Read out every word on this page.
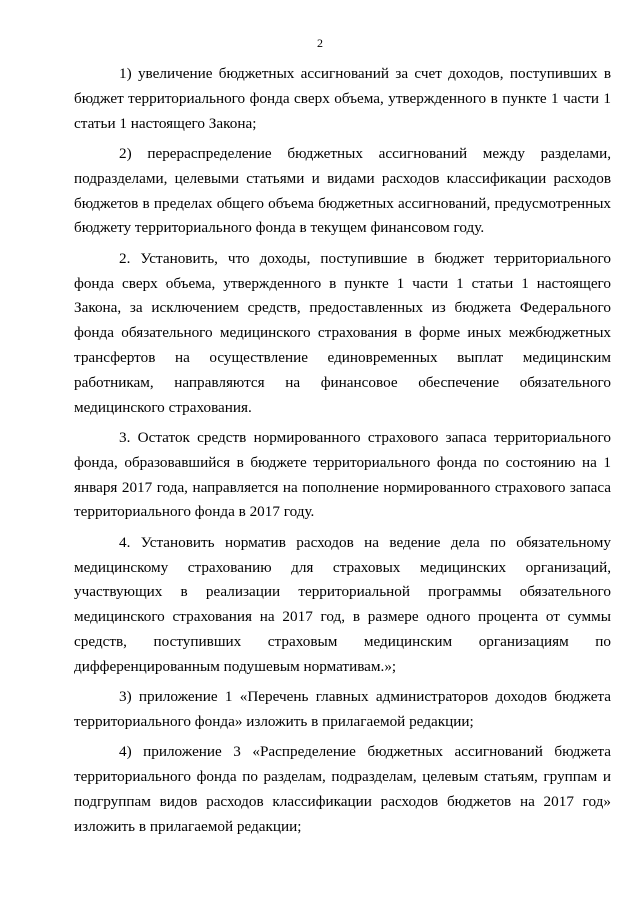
2

1) увеличение бюджетных ассигнований за счет доходов, поступивших в бюджет территориального фонда сверх объема, утвержденного в пункте 1 части 1 статьи 1 настоящего Закона;

2) перераспределение бюджетных ассигнований между разделами, подразделами, целевыми статьями и видами расходов классификации расходов бюджетов в пределах общего объема бюджетных ассигнований, предусмотренных бюджету территориального фонда в текущем финансовом году.

2. Установить, что доходы, поступившие в бюджет территориального фонда сверх объема, утвержденного в пункте 1 части 1 статьи 1 настоящего Закона, за исключением средств, предоставленных из бюджета Федерального фонда обязательного медицинского страхования в форме иных межбюджетных трансфертов на осуществление единовременных выплат медицинским работникам, направляются на финансовое обеспечение обязательного медицинского страхования.

3. Остаток средств нормированного страхового запаса территориального фонда, образовавшийся в бюджете территориального фонда по состоянию на 1 января 2017 года, направляется на пополнение нормированного страхового запаса территориального фонда в 2017 году.

4. Установить норматив расходов на ведение дела по обязательному медицинскому страхованию для страховых медицинских организаций, участвующих в реализации территориальной программы обязательного медицинского страхования на 2017 год, в размере одного процента от суммы средств, поступивших страховым медицинским организациям по дифференцированным подушевым нормативам.»;

3) приложение 1 «Перечень главных администраторов доходов бюджета территориального фонда» изложить в прилагаемой редакции;

4) приложение 3 «Распределение бюджетных ассигнований бюджета территориального фонда по разделам, подразделам, целевым статьям, группам и подгруппам видов расходов классификации расходов бюджетов на 2017 год» изложить в прилагаемой редакции;
